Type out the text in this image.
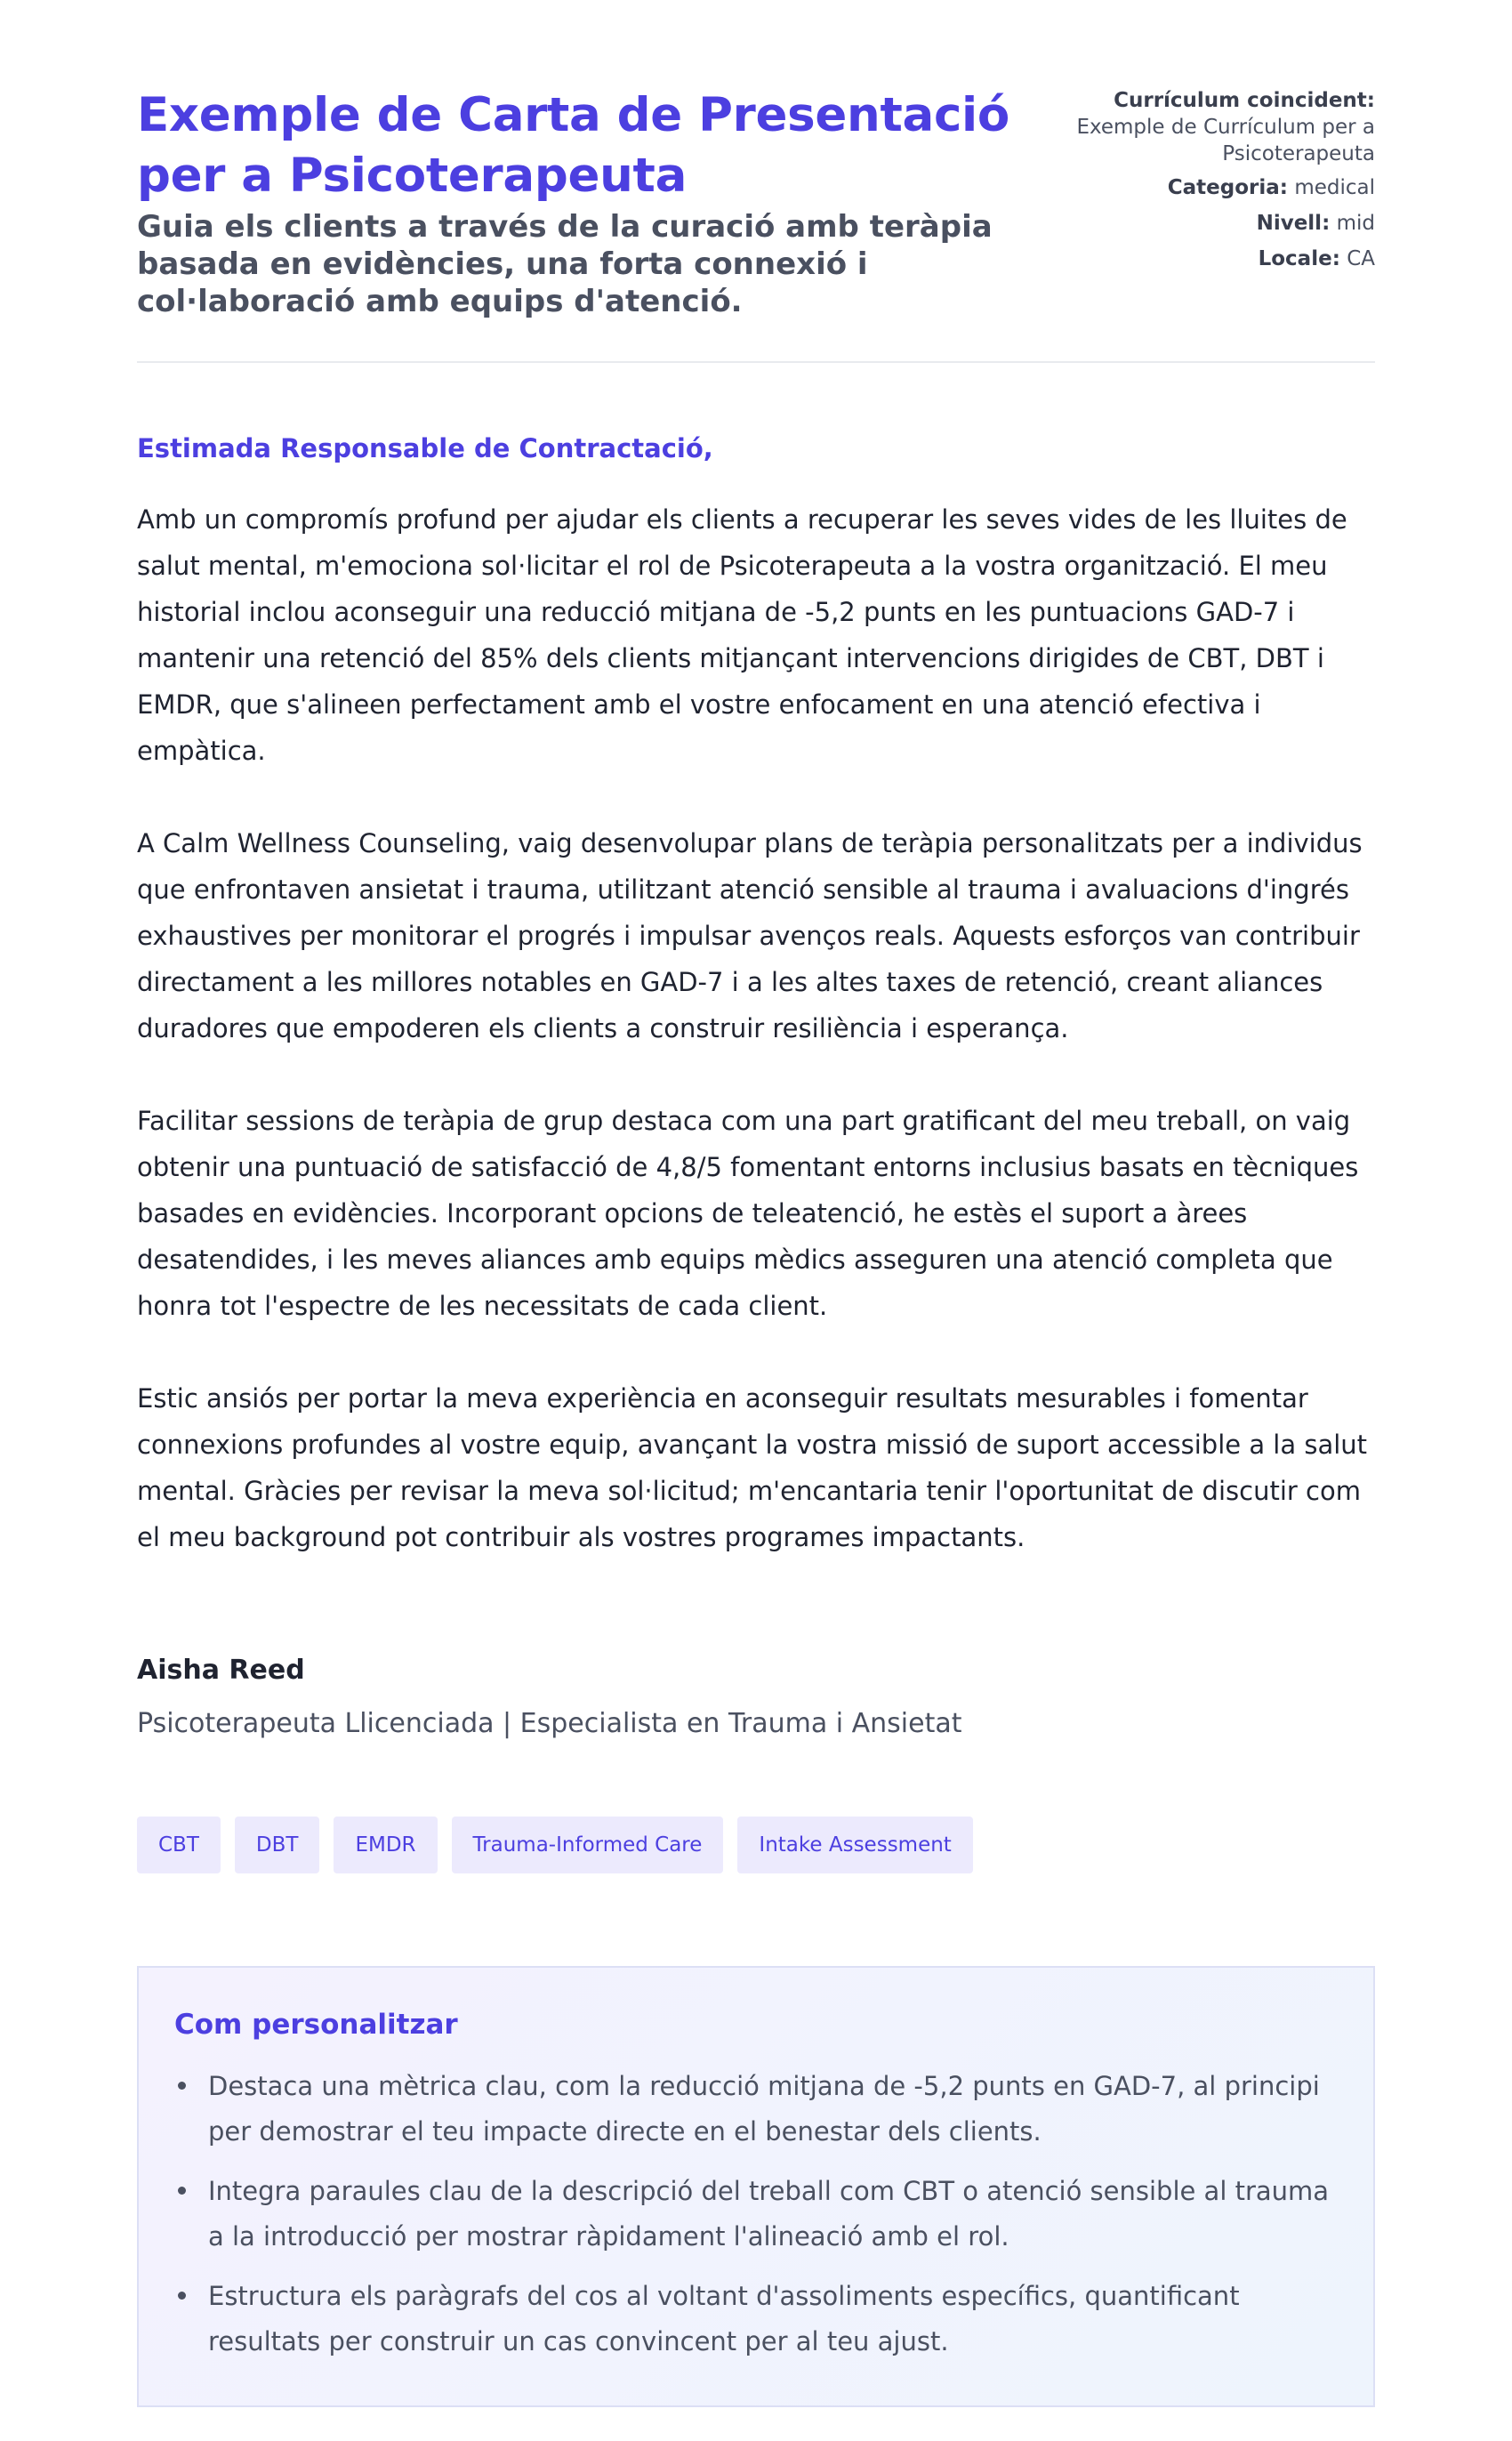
Exemple de Carta de Presentació per a Psicoterapeuta

Guia els clients a través de la curació amb teràpia basada en evidències, una forta connexió i col·laboració amb equips d'atenció.

Currículum coincident:
Exemple de Currículum per a Psicoterapeuta
Categoria: medical
Nivell: mid
Locale: CA

Estimada Responsable de Contractació,

Amb un compromís profund per ajudar els clients a recuperar les seves vides de les lluites de salut mental, m'emociona sol·licitar el rol de Psicoterapeuta a la vostra organització. El meu historial inclou aconseguir una reducció mitjana de -5,2 punts en les puntuacions GAD-7 i mantenir una retenció del 85% dels clients mitjançant intervencions dirigides de CBT, DBT i EMDR, que s'alineen perfectament amb el vostre enfocament en una atenció efectiva i empàtica.

A Calm Wellness Counseling, vaig desenvolupar plans de teràpia personalitzats per a individus que enfrontaven ansietat i trauma, utilitzant atenció sensible al trauma i avaluacions d'ingrés exhaustives per monitorar el progrés i impulsar avenços reals. Aquests esforços van contribuir directament a les millores notables en GAD-7 i a les altes taxes de retenció, creant aliances duradores que empoderen els clients a construir resiliència i esperança.

Facilitar sessions de teràpia de grup destaca com una part gratificant del meu treball, on vaig obtenir una puntuació de satisfacció de 4,8/5 fomentant entorns inclusius basats en tècniques basades en evidències. Incorporant opcions de teleatenció, he estès el suport a àrees desatendides, i les meves aliances amb equips mèdics asseguren una atenció completa que honra tot l'espectre de les necessitats de cada client.

Estic ansiós per portar la meva experiència en aconseguir resultats mesurables i fomentar connexions profundes al vostre equip, avançant la vostra missió de suport accessible a la salut mental. Gràcies per revisar la meva sol·licitud; m'encantaria tenir l'oportunitat de discutir com el meu background pot contribuir als vostres programes impactants.

Aisha Reed

Psicoterapeuta Llicenciada | Especialista en Trauma i Ansietat

CBT	DBT	EMDR	Trauma-Informed Care	Intake Assessment
Com personalitzar
Destaca una mètrica clau, com la reducció mitjana de -5,2 punts en GAD-7, al principi per demostrar el teu impacte directe en el benestar dels clients.
Integra paraules clau de la descripció del treball com CBT o atenció sensible al trauma a la introducció per mostrar ràpidament l'alineació amb el rol.
Estructura els paràgrafs del cos al voltant d'assoliments específics, quantificant resultats per construir un cas convincent per al teu ajust.
